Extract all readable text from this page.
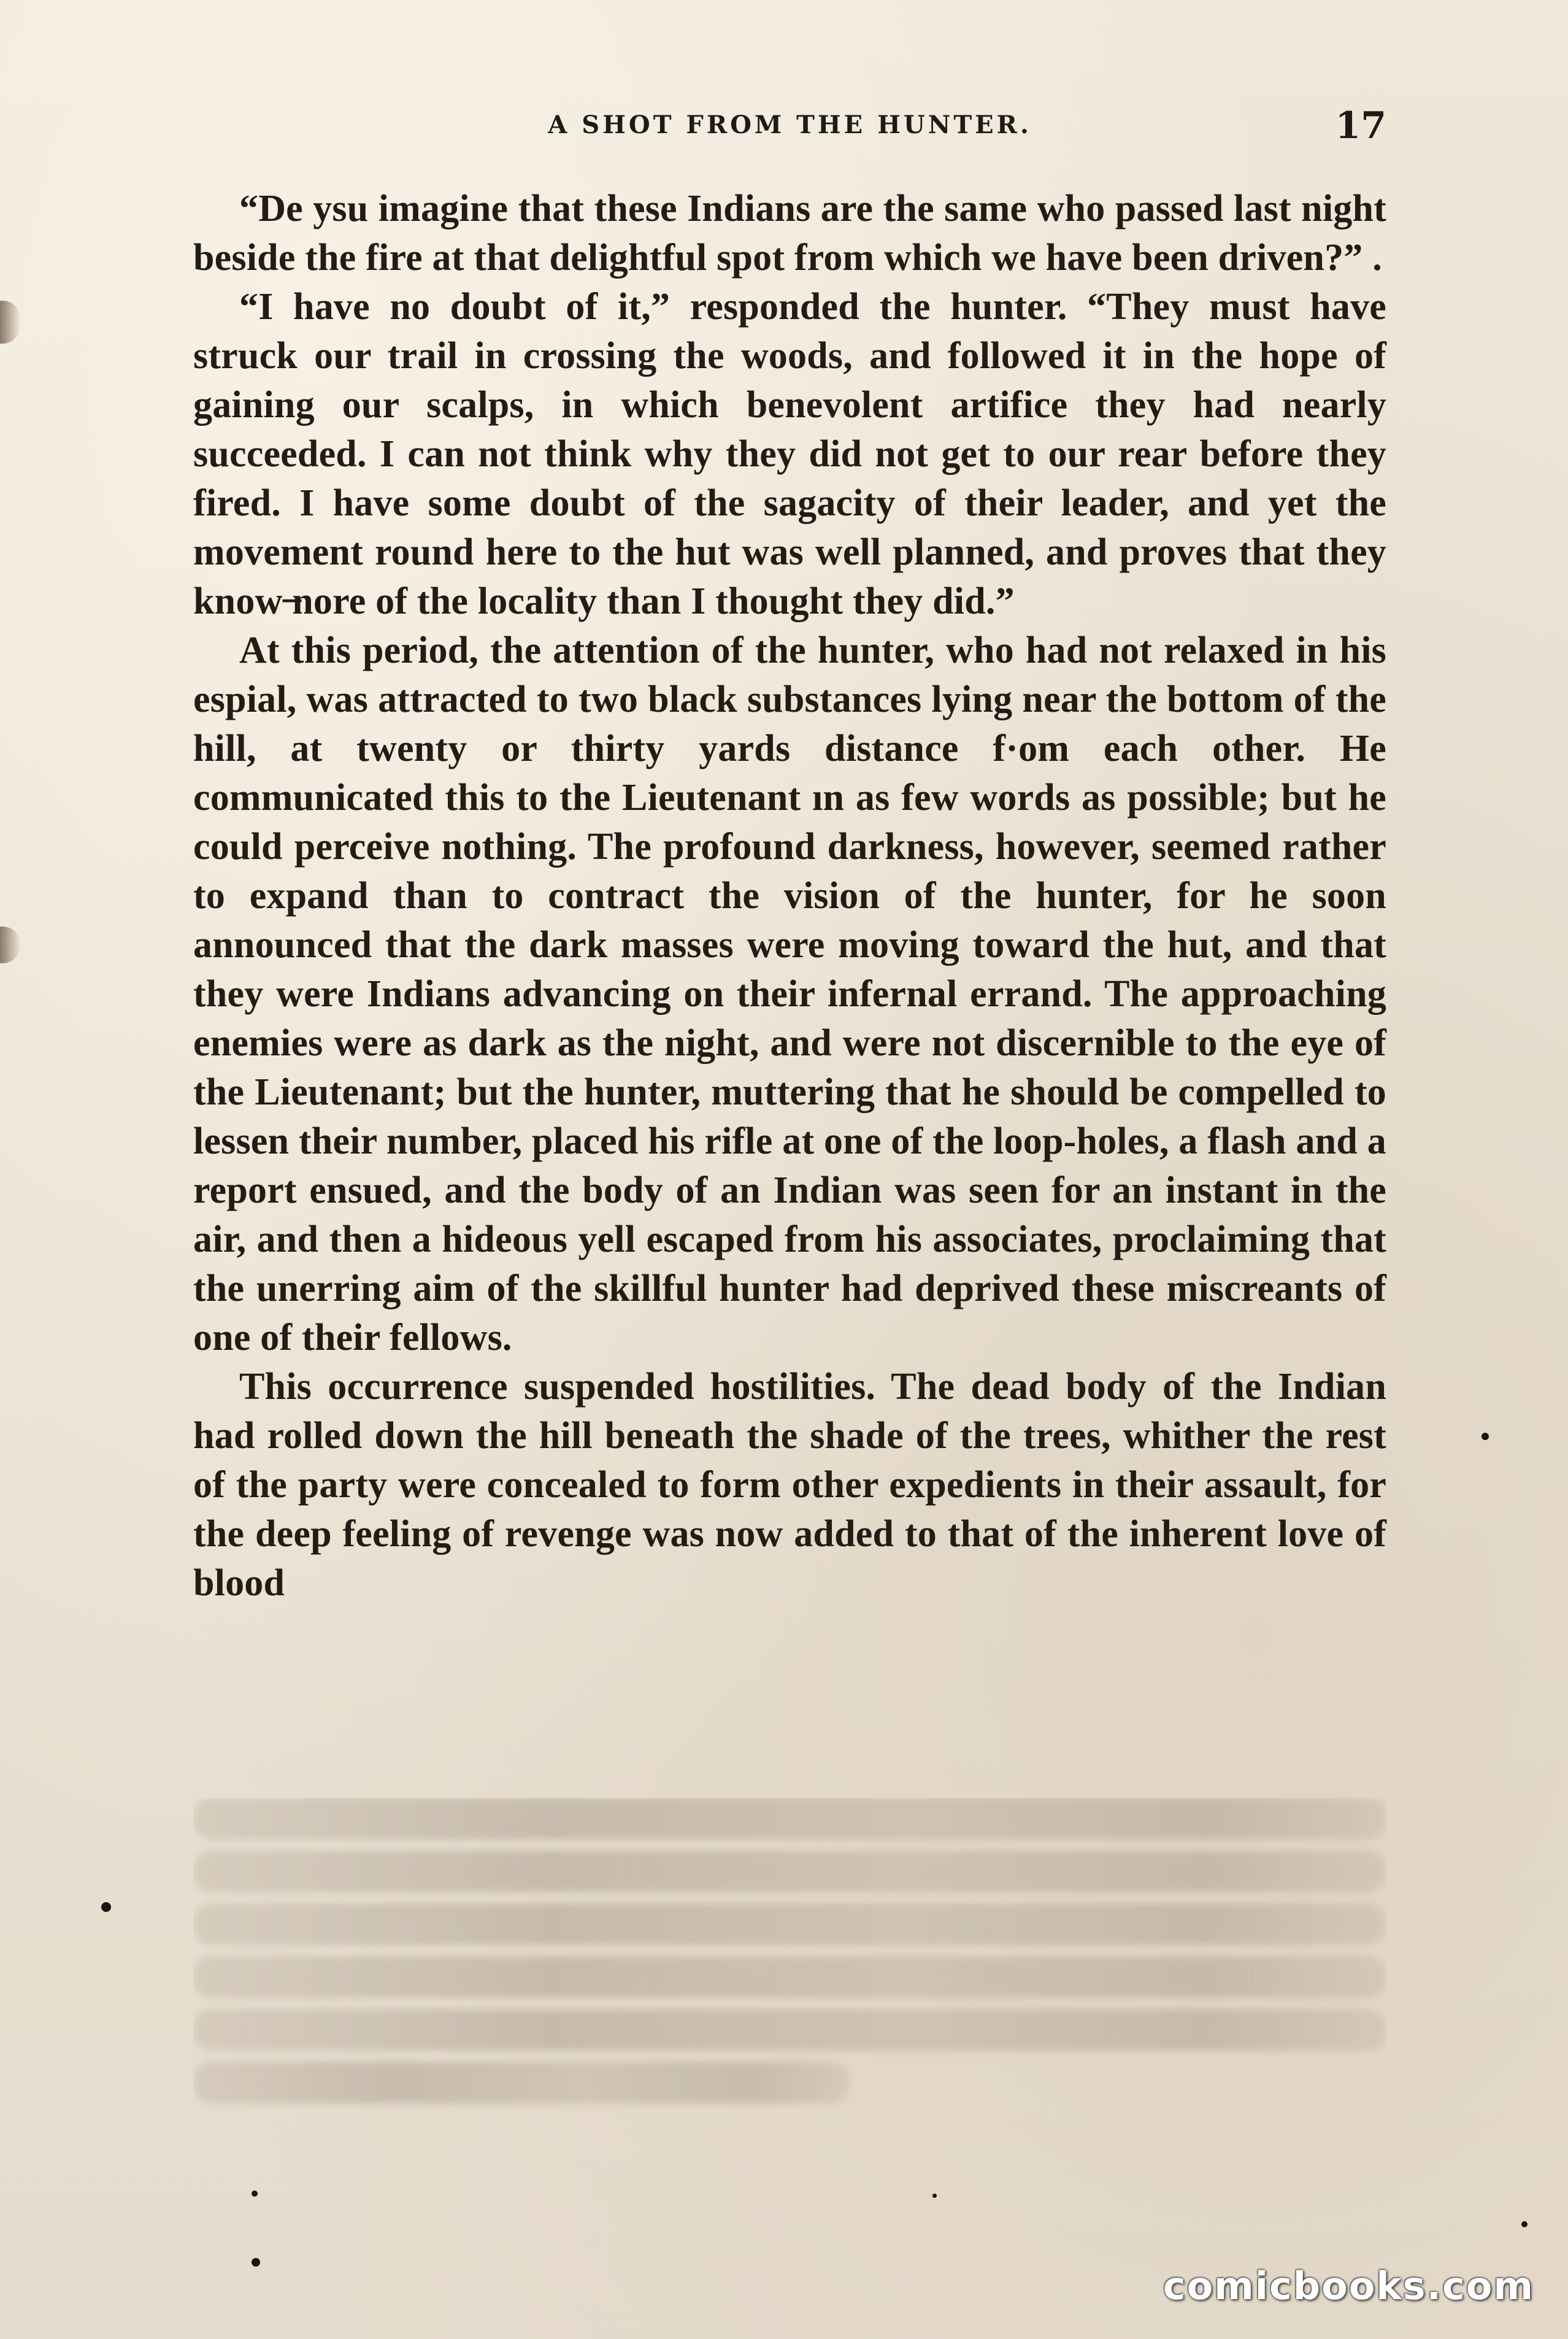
A SHOT FROM THE HUNTER.	17

“De ysu imagine that these Indians are the same who passed last night beside the fire at that delightful spot from which we have been driven?” .

“I have no doubt of it,” responded the hunter. “They must have struck our trail in crossing the woods, and followed it in the hope of gaining our scalps, in which benevolent artifice they had nearly succeeded. I can not think why they did not get to our rear before they fired. I have some doubt of the sagacity of their leader, and yet the movement round here to the hut was well planned, and proves that they know ̶nore of the locality than I thought they did.”

At this period, the attention of the hunter, who had not relaxed in his espial, was attracted to two black substances lying near the bottom of the hill, at twenty or thirty yards distance f·om each other. He communicated this to the Lieutenant ın as few words as possible; but he could perceive nothing. The profound darkness, however, seemed rather to expand than to contract the vision of the hunter, for he soon announced that the dark masses were moving toward the hut, and that they were Indians advancing on their infernal errand. The approaching enemies were as dark as the night, and were not discernible to the eye of the Lieutenant; but the hunter, muttering that he should be compelled to lessen their number, placed his rifle at one of the loop-holes, a flash and a report ensued, and the body of an Indian was seen for an instant in the air, and then a hideous yell escaped from his associates, proclaiming that the unerring aim of the skillful hunter had deprived these miscreants of one of their fellows.

This occurrence suspended hostilities. The dead body of the Indian had rolled down the hill beneath the shade of the trees, whither the rest of the party were concealed to form other expedients in their assault, for the deep feeling of revenge was now added to that of the inherent love of blood

comicbooks.com
